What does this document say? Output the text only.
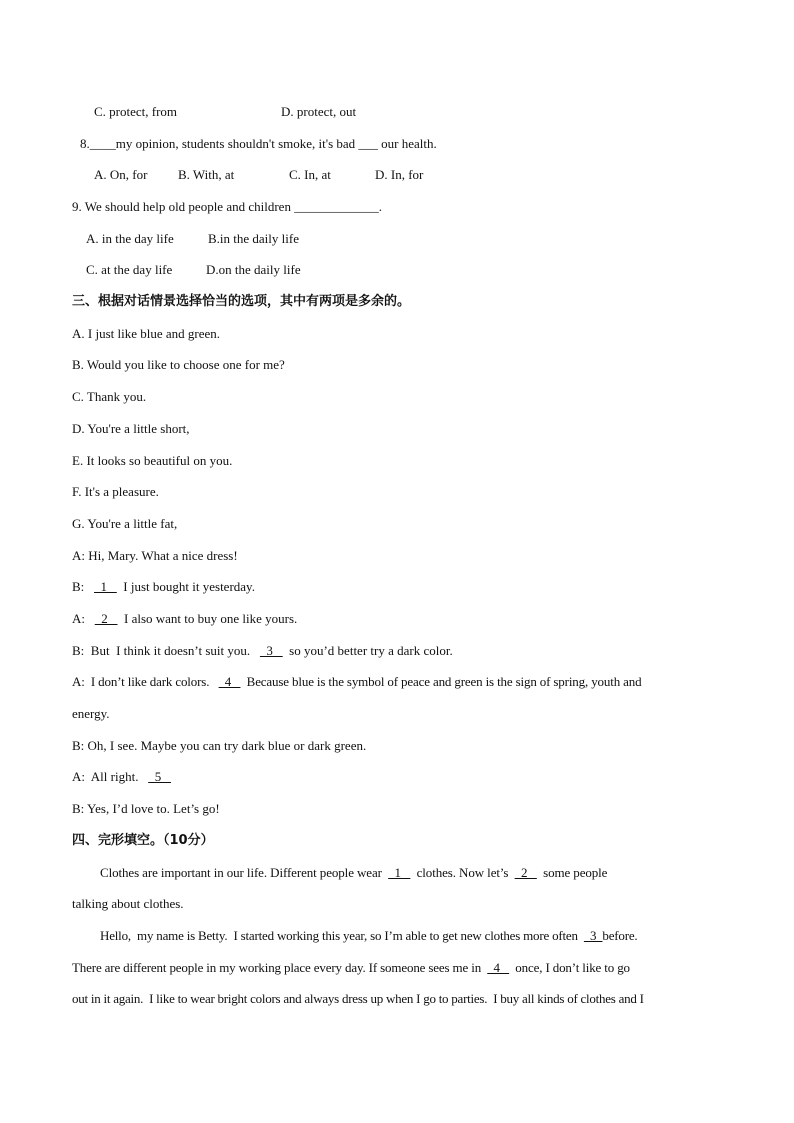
C. protect, from	D. protect, out
8.____my opinion, students shouldn't smoke, it's bad ___ our health.
A. On, for B. With, at	C. In, at	D. In, for
9. We should help old people and children _____________.
A. in the day life	B.in the daily life
C. at the day life	D.on the daily life
三、根据对话情景选择恰当的选项，其中有两项是多余的。
A. I just like blue and green.
B. Would you like to choose one for me?
C. Thank you.
D. You're a little short,
E. It looks so beautiful on you.
F. It's a pleasure.
G. You're a little fat,
A: Hi, Mary. What a nice dress!
B:     1     I just bought it yesterday.
A:     2     I also want to buy one like yours.
B:  But  I think it doesn’t suit you.     3     so you’d better try a dark color.
A:  I don’t like dark colors.     4     Because blue is the symbol of peace and green is the sign of spring, youth and
energy.
B: Oh, I see. Maybe you can try dark blue or dark green.
A:  All right.     5
B: Yes, I’d love to. Let’s go!
四、完形填空。（10分）
Clothes are important in our life. Different people wear    1     clothes. Now let’s    2     some people
talking about clothes.
Hello,  my name is Betty.  I started working this year, so I’m able to get new clothes more often    3  before.
There are different people in my working place every day. If someone sees me in    4     once, I don’t like to go
out in it again.  I like to wear bright colors and always dress up when I go to parties.  I buy all kinds of clothes and I
